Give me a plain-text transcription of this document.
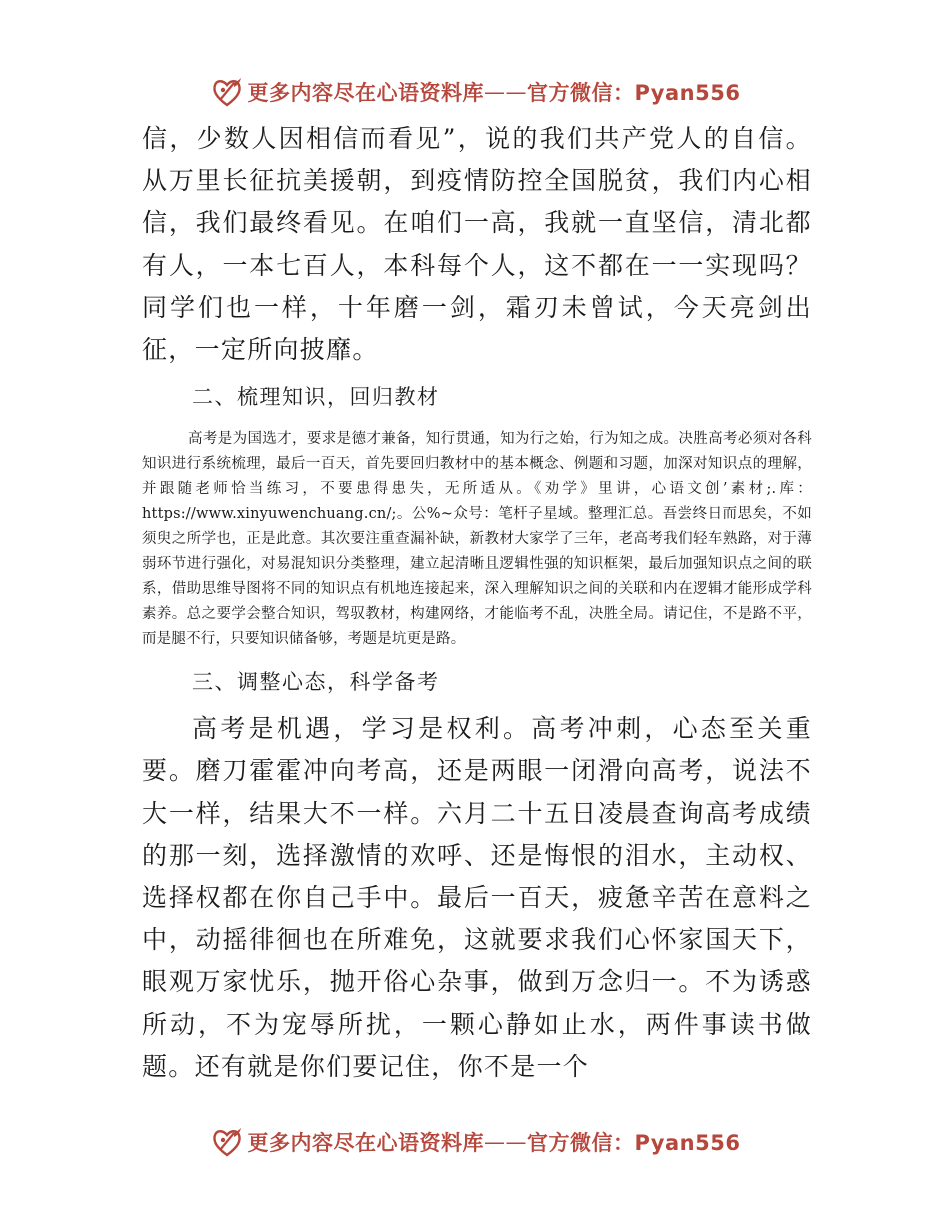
更多内容尽在心语资料库 —— 官方微信：Pyan556

信，少数人因相信而看见”，说的我们共产党人的自信。从万里长征抗美援朝，到疫情防控全国脱贫，我们内心相信，我们最终看见。在咱们一高，我就一直坚信，清北都有人，一本七百人，本科每个人，这不都在一一实现吗？同学们也一样，十年磨一剑，霜刃未曾试，今天亮剑出征，一定所向披靡。

二、梳理知识，回归教材

高考是为国选才，要求是德才兼备，知行贯通，知为行之始，行为知之成。决胜高考必须对各科知识进行系统梳理，最后一百天，首先要回归教材中的基本概念、例题和习题，加深对知识点的理解，并跟随老师恰当练习，不要患得患失，无所适从。《劝学》里讲，心语文创’素材;.库：https://www.xinyuwenchuang.cn/;。公%~众号：笔杆子星域。整理汇总。吾尝终日而思矣，不如须臾之所学也，正是此意。其次要注重查漏补缺，新教材大家学了三年，老高考我们轻车熟路，对于薄弱环节进行强化，对易混知识分类整理，建立起清晰且逻辑性强的知识框架，最后加强知识点之间的联系，借助思维导图将不同的知识点有机地连接起来，深入理解知识之间的关联和内在逻辑才能形成学科素养。总之要学会整合知识，驾驭教材，构建网络，才能临考不乱，决胜全局。请记住，不是路不平，而是腿不行，只要知识储备够，考题是坑更是路。

三、调整心态，科学备考

高考是机遇，学习是权利。高考冲刺，心态至关重要。磨刀霍霍冲向考高，还是两眼一闭滑向高考，说法不大一样，结果大不一样。六月二十五日凌晨查询高考成绩的那一刻，选择激情的欢呼、还是悔恨的泪水，主动权、选择权都在你自己手中。最后一百天，疲惫辛苦在意料之中，动摇徘徊也在所难免，这就要求我们心怀家国天下，眼观万家忧乐，抛开俗心杂事，做到万念归一。不为诱惑所动，不为宠辱所扰，一颗心静如止水，两件事读书做题。还有就是你们要记住，你不是一个

更多内容尽在心语资料库 —— 官方微信：Pyan556
